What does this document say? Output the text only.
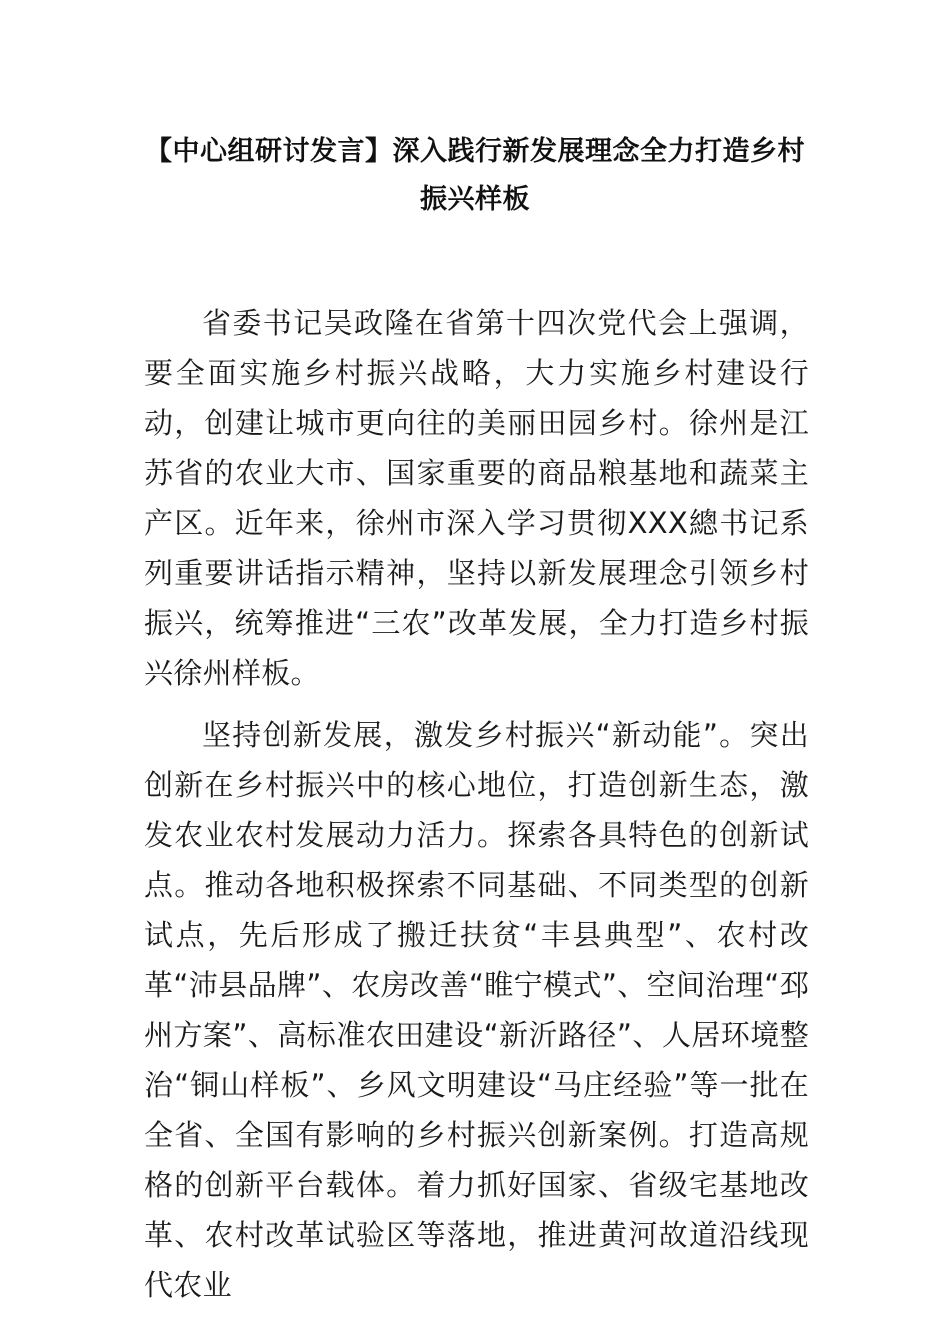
【中心组研讨发言】深入践行新发展理念全力打造乡村振兴样板

省委书记吴政隆在省第十四次党代会上强调，要全面实施乡村振兴战略，大力实施乡村建设行动，创建让城市更向往的美丽田园乡村。徐州是江苏省的农业大市、国家重要的商品粮基地和蔬菜主产区。近年来，徐州市深入学习贯彻XXX總书记系列重要讲话指示精神，坚持以新发展理念引领乡村振兴，统筹推进“三农”改革发展，全力打造乡村振兴徐州样板。

坚持创新发展，激发乡村振兴“新动能”。突出创新在乡村振兴中的核心地位，打造创新生态，激发农业农村发展动力活力。探索各具特色的创新试点。推动各地积极探索不同基础、不同类型的创新试点，先后形成了搬迁扶贫“丰县典型”、农村改革“沛县品牌”、农房改善“睢宁模式”、空间治理“邳州方案”、高标准农田建设“新沂路径”、人居环境整治“铜山样板”、乡风文明建设“马庄经验”等一批在全省、全国有影响的乡村振兴创新案例。打造高规格的创新平台载体。着力抓好国家、省级宅基地改革、农村改革试验区等落地，推进黄河故道沿线现代农业
